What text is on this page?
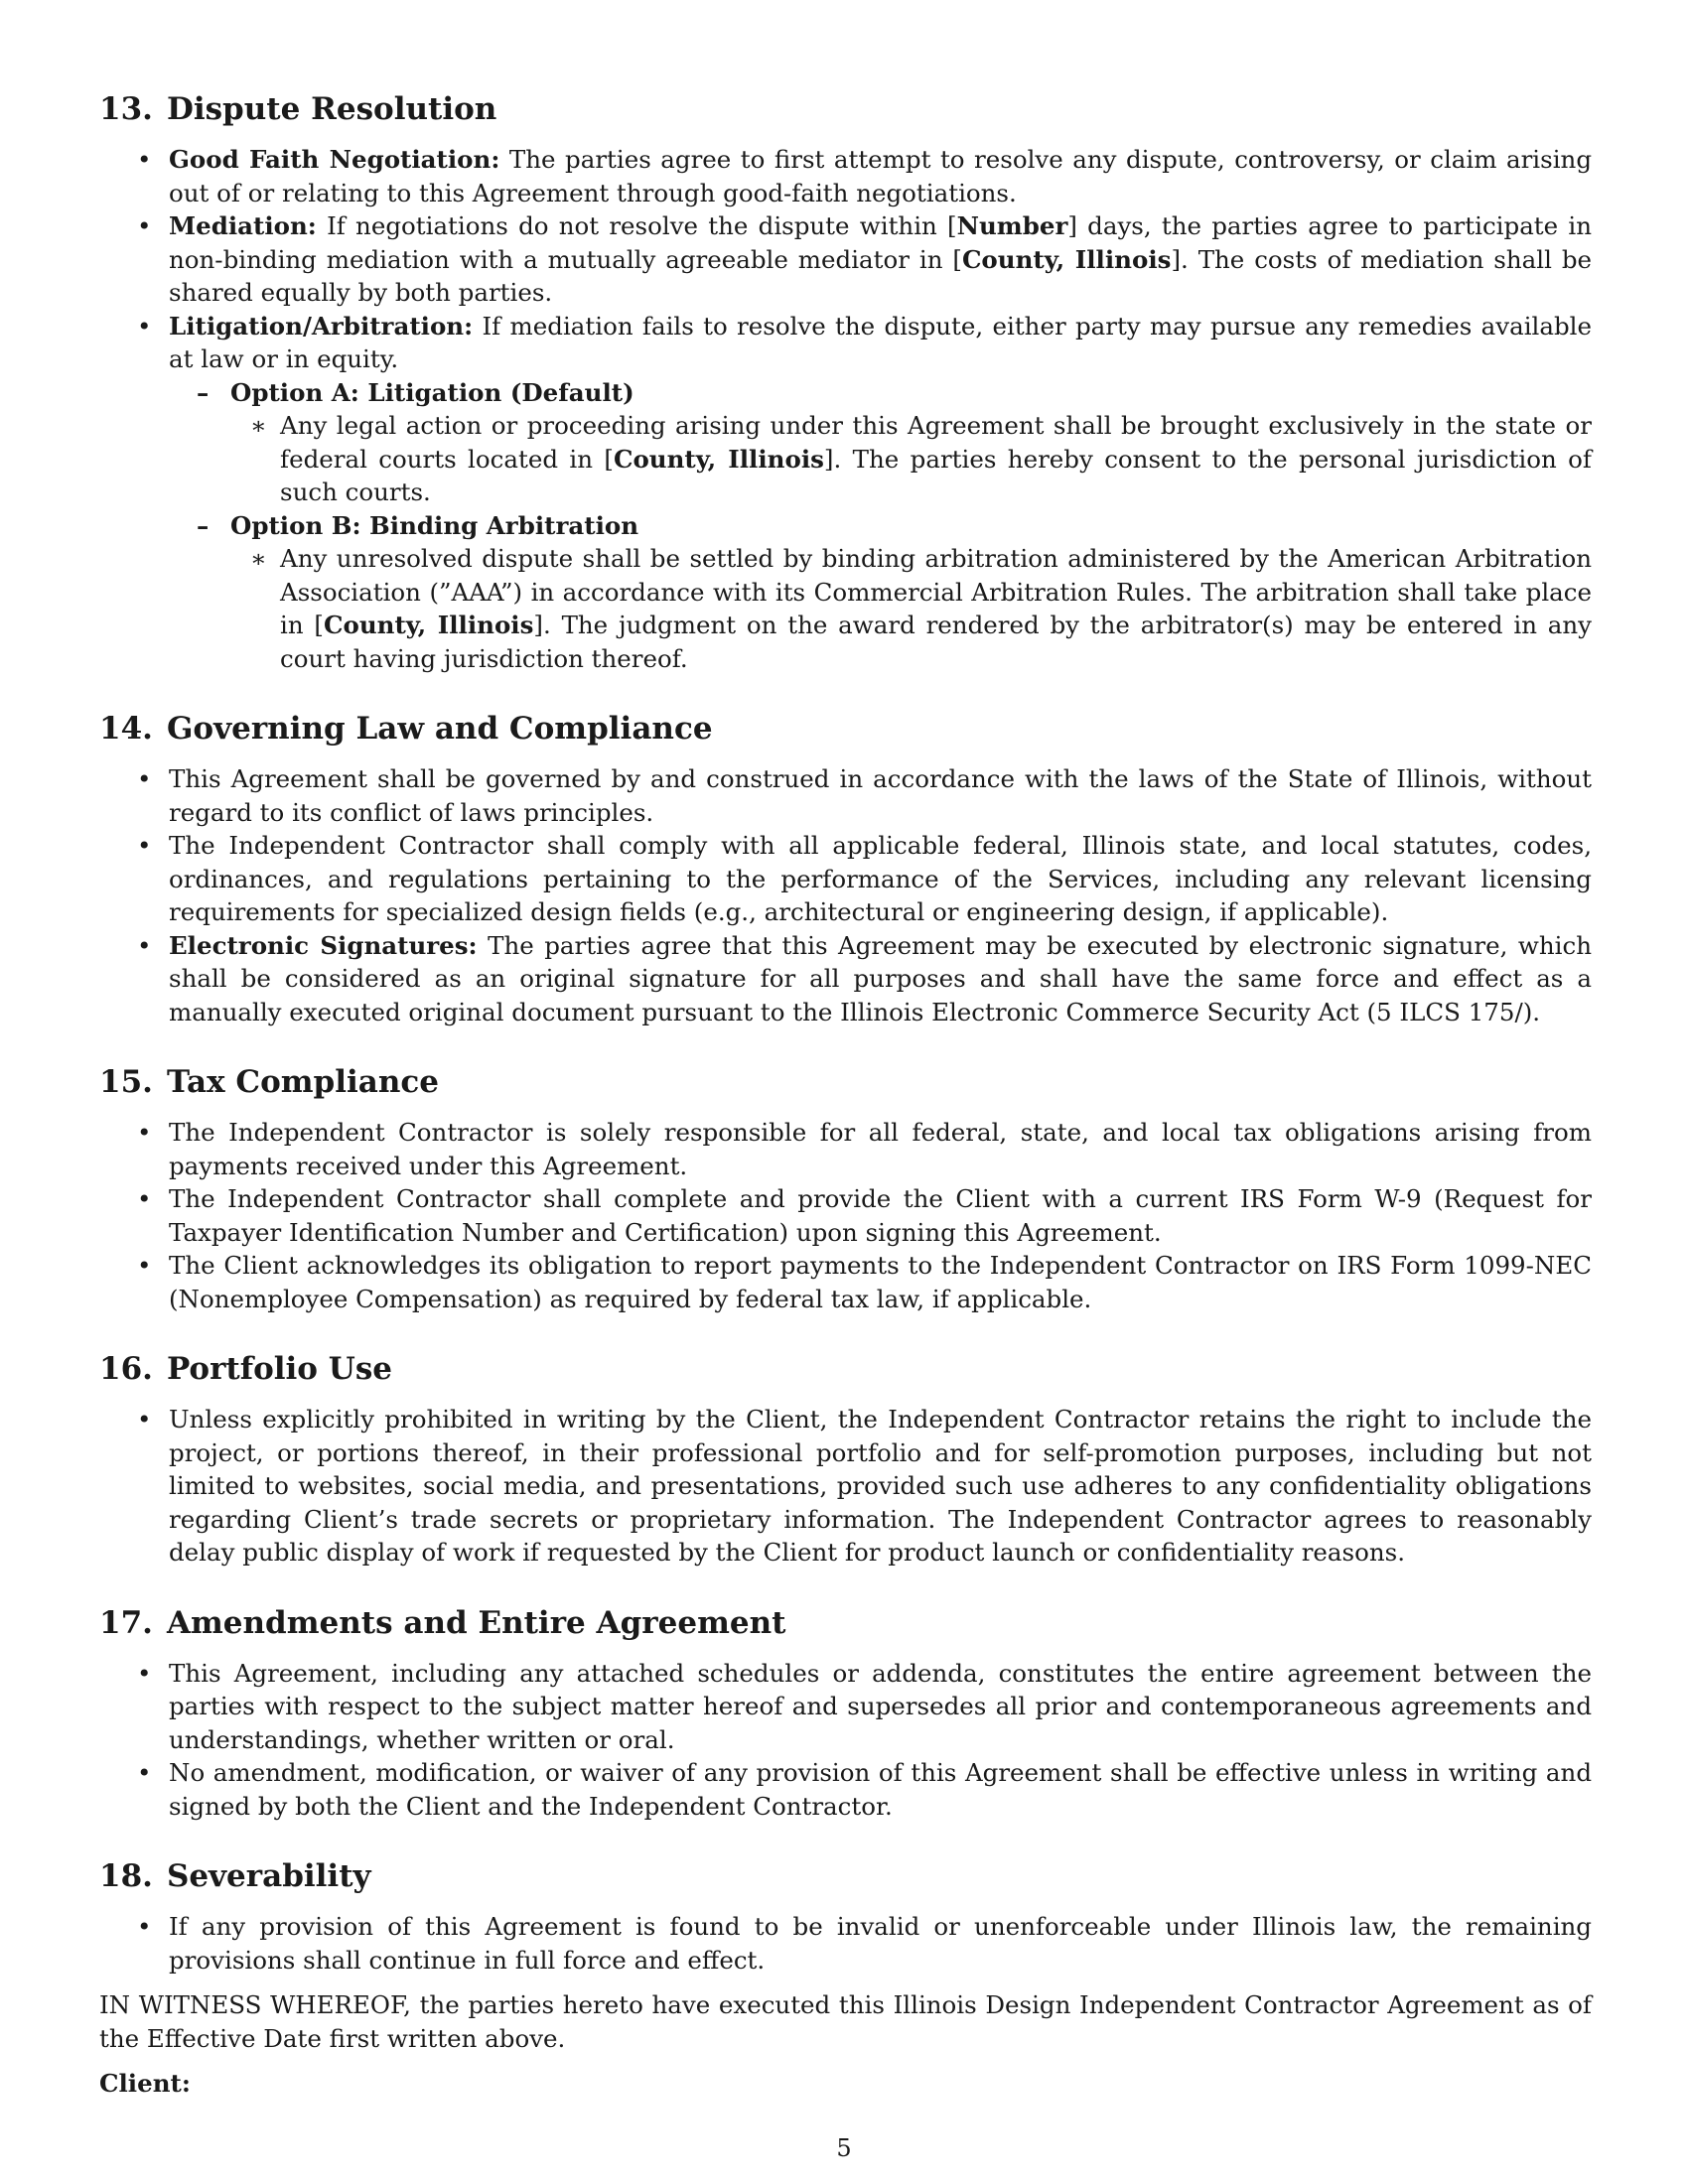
13. Dispute Resolution
• Good Faith Negotiation: The parties agree to first attempt to resolve any dispute, controversy, or claim arising out of or relating to this Agreement through good-faith negotiations.
• Mediation: If negotiations do not resolve the dispute within [Number] days, the parties agree to participate in non-binding mediation with a mutually agreeable mediator in [County, Illinois]. The costs of mediation shall be shared equally by both parties.
• Litigation/Arbitration: If mediation fails to resolve the dispute, either party may pursue any remedies available at law or in equity.
– Option A: Litigation (Default)
∗ Any legal action or proceeding arising under this Agreement shall be brought exclusively in the state or federal courts located in [County, Illinois]. The parties hereby consent to the personal jurisdiction of such courts.
– Option B: Binding Arbitration
∗ Any unresolved dispute shall be settled by binding arbitration administered by the American Arbitration Association (”AAA”) in accordance with its Commercial Arbitration Rules. The arbitration shall take place in [County, Illinois]. The judgment on the award rendered by the arbitrator(s) may be entered in any court having jurisdiction thereof.
14. Governing Law and Compliance
• This Agreement shall be governed by and construed in accordance with the laws of the State of Illinois, without regard to its conflict of laws principles.
• The Independent Contractor shall comply with all applicable federal, Illinois state, and local statutes, codes, ordinances, and regulations pertaining to the performance of the Services, including any relevant licensing requirements for specialized design fields (e.g., architectural or engineering design, if applicable).
• Electronic Signatures: The parties agree that this Agreement may be executed by electronic signature, which shall be considered as an original signature for all purposes and shall have the same force and effect as a manually executed original document pursuant to the Illinois Electronic Commerce Security Act (5 ILCS 175/).
15. Tax Compliance
• The Independent Contractor is solely responsible for all federal, state, and local tax obligations arising from payments received under this Agreement.
• The Independent Contractor shall complete and provide the Client with a current IRS Form W-9 (Request for Taxpayer Identification Number and Certification) upon signing this Agreement.
• The Client acknowledges its obligation to report payments to the Independent Contractor on IRS Form 1099-NEC (Nonemployee Compensation) as required by federal tax law, if applicable.
16. Portfolio Use
• Unless explicitly prohibited in writing by the Client, the Independent Contractor retains the right to include the project, or portions thereof, in their professional portfolio and for self-promotion purposes, including but not limited to websites, social media, and presentations, provided such use adheres to any confidentiality obligations regarding Client’s trade secrets or proprietary information. The Independent Contractor agrees to reasonably delay public display of work if requested by the Client for product launch or confidentiality reasons.
17. Amendments and Entire Agreement
• This Agreement, including any attached schedules or addenda, constitutes the entire agreement between the parties with respect to the subject matter hereof and supersedes all prior and contemporaneous agreements and understandings, whether written or oral.
• No amendment, modification, or waiver of any provision of this Agreement shall be effective unless in writing and signed by both the Client and the Independent Contractor.
18. Severability
• If any provision of this Agreement is found to be invalid or unenforceable under Illinois law, the remaining provisions shall continue in full force and effect.

IN WITNESS WHEREOF, the parties hereto have executed this Illinois Design Independent Contractor Agreement as of the Effective Date first written above.

Client:

5
